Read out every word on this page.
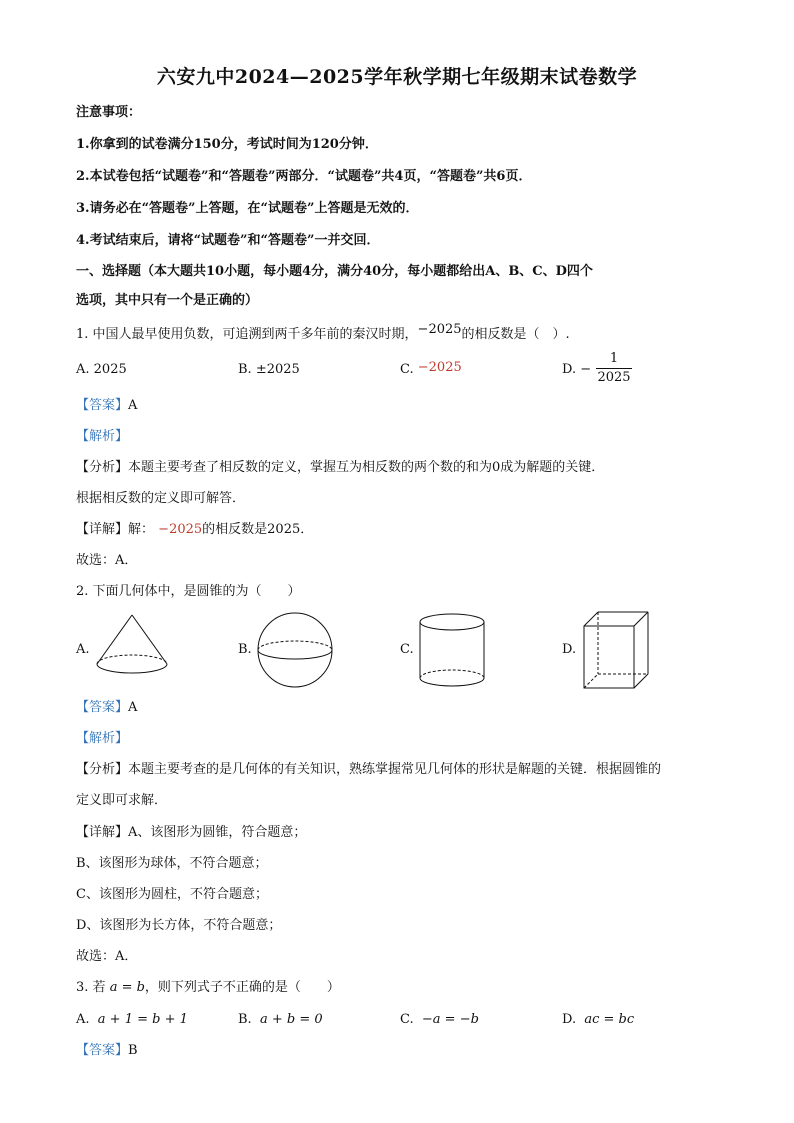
六安九中2024—2025学年秋学期七年级期末试卷数学
注意事项：
1.你拿到的试卷满分150分，考试时间为120分钟．
2.本试卷包括“试题卷”和“答题卷”两部分．“试题卷”共4页，“答题卷”共6页．
3.请务必在“答题卷”上答题，在“试题卷”上答题是无效的．
4.考试结束后，请将“试题卷”和“答题卷”一并交回．
一、选择题（本大题共10小题，每小题4分，满分40分，每小题都给出A、B、C、D四个
选项，其中只有一个是正确的）
1. 中国人最早使用负数，可追溯到两千多年前的秦汉时期，−2025的相反数是（　）.
A. 2025	B. ±2025	C. −2025	D. −
1
2025
【答案】A
【解析】
【分析】本题主要考查了相反数的定义，掌握互为相反数的两个数的和为0成为解题的关键．
根据相反数的定义即可解答．
【详解】解： −2025的相反数是2025．
故选：A．
2. 下面几何体中，是圆锥的为（　　）
A.	B.	C.	D.
【答案】A
【解析】
【分析】本题主要考查的是几何体的有关知识，熟练掌握常见几何体的形状是解题的关键．根据圆锥的
定义即可求解．
【详解】A、该图形为圆锥，符合题意；
B、该图形为球体，不符合题意；
C、该图形为圆柱，不符合题意；
D、该图形为长方体，不符合题意；
故选：A．
3. 若 a = b，则下列式子不正确的是（　　）
A. a + 1 = b + 1	B. a + b = 0	C. −a = −b	D. ac = bc
【答案】B
